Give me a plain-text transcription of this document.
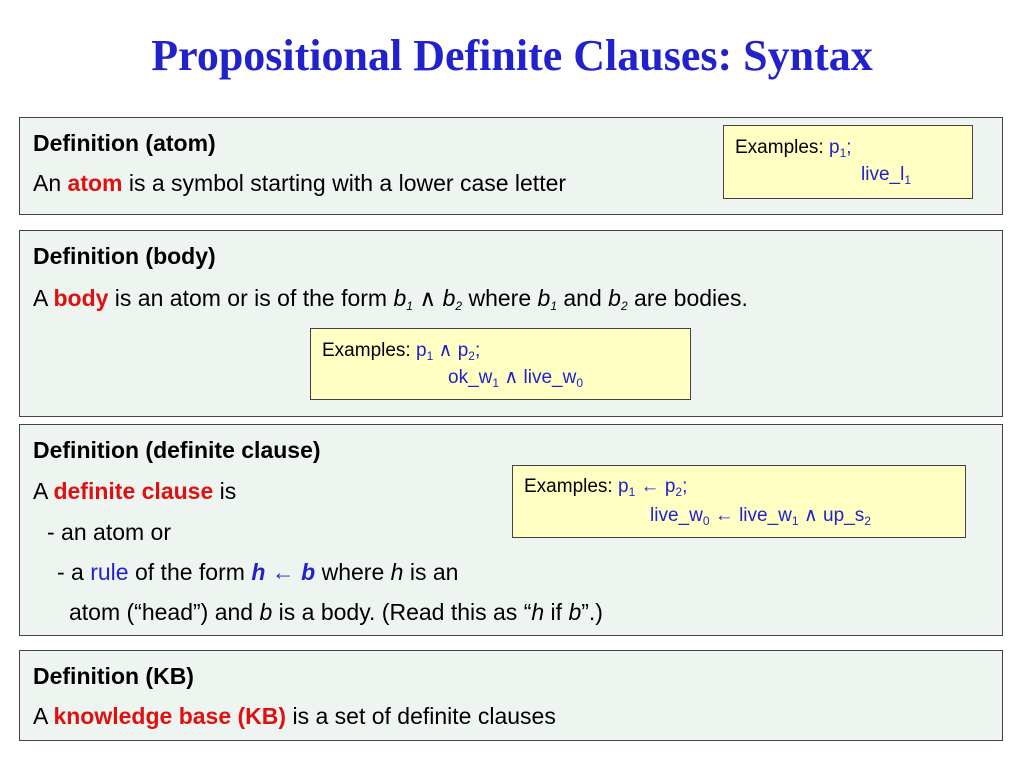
Propositional Definite Clauses: Syntax
Definition (atom)
An atom is a symbol starting with a lower case letter
Examples: $p_1$;
$live\_l_1$
Definition (body)
A body is an atom or is of the form $b_1$ ∧ $b_2$ where $b_1$ and $b_2$ are bodies.
Examples: $p_1$ ∧ $p_2$;
$ok\_w_1$ ∧ $live\_w_0$
Definition (definite clause)
A definite clause is
- an atom or
- a rule of the form h ← b where h is an
atom (“head”) and b is a body. (Read this as “h if b”.)
Examples: $p_1$ ← $p_2$;
$live\_w_0$ ← $live\_w_1$ ∧ $up\_s_2$
Definition (KB)
A knowledge base (KB) is a set of definite clauses
